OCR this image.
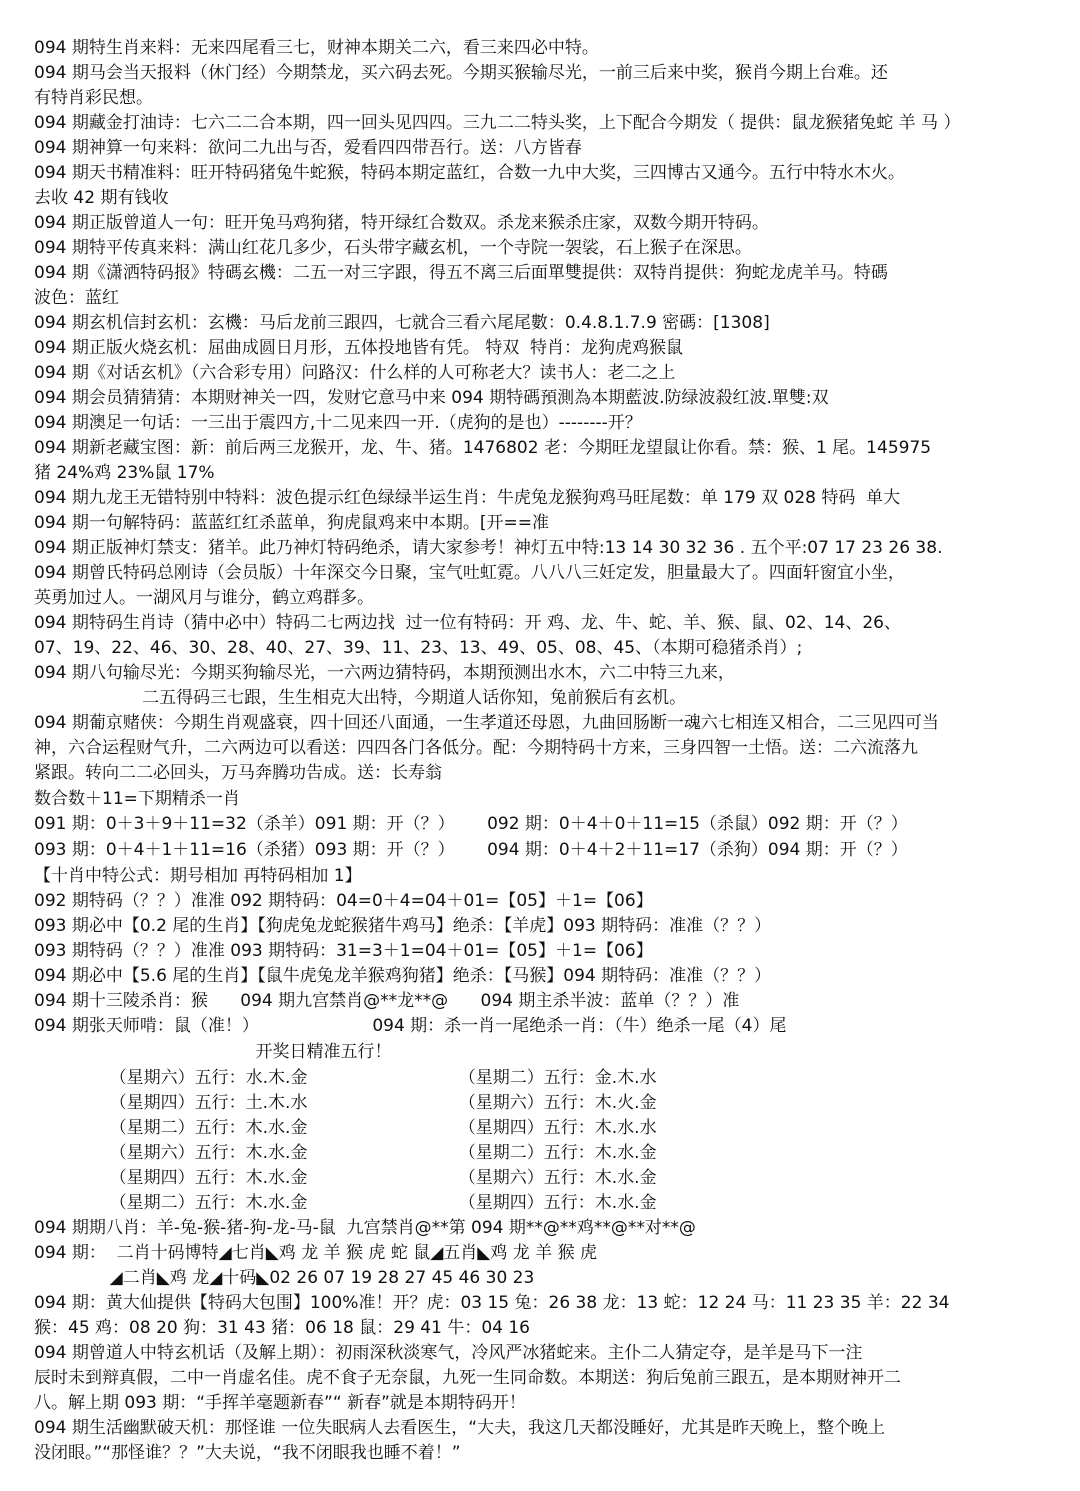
094 期特生肖来料：无来四尾看三七，财神本期关二六，看三来四必中特。
094 期马会当天报料（休门经）今期禁龙，买六码去死。今期买猴输尽光，一前三后来中奖，猴肖今期上台难。还
有特肖彩民想。
094 期藏金打油诗：七六二二合本期，四一回头见四四。三九二二特头奖，上下配合今期发（ 提供：鼠龙猴猪兔蛇 羊 马 ）
094 期神算一句来料：欲问二九出与否，爱看四四带吾行。送：八方皆春
094 期天书精准料：旺开特码猪兔牛蛇猴，特码本期定蓝红，合数一九中大奖，三四博古又通今。五行中特水木火。
去收 42 期有钱收
094 期正版曾道人一句：旺开兔马鸡狗猪，特开绿红合数双。杀龙来猴杀庄家，双数今期开特码。
094 期特平传真来料：满山红花几多少，石头带字藏玄机，一个寺院一袈裟，石上猴子在深思。
094 期《潇洒特码报》特碼玄機：二五一对三字跟，得五不离三后面單雙提供：双特肖提供：狗蛇龙虎羊马。特碼
波色：蓝红
094 期玄机信封玄机：玄機：马后龙前三跟四，七就合三看六尾尾數：0.4.8.1.7.9 密碼：[1308]
094 期正版火烧玄机：屈曲成圆日月形，五体投地皆有凭。 特双  特肖：龙狗虎鸡猴鼠
094 期《对话玄机》（六合彩专用）问路汉：什么样的人可称老大？读书人：老二之上
094 期会员猜猜猜：本期财神关一四，发财它意马中来 094 期特碼預測為本期藍波.防绿波殺红波.單雙:双
094 期澳足一句话：一三出于震四方,十二见来四一开.（虎狗的是也）--------开？
094 期新老藏宝图：新：前后两三龙猴开，龙、牛、猪。1476802 老：今期旺龙望鼠让你看。禁：猴、1 尾。145975
猪 24%鸡 23%鼠 17%
094 期九龙王无错特别中特料：波色提示红色绿绿半运生肖：牛虎兔龙猴狗鸡马旺尾数：单 179 双 028 特码  单大
094 期一句解特码：蓝蓝红红杀蓝单，狗虎鼠鸡来中本期。[开==准
094 期正版神灯禁支：猪羊。此乃神灯特码绝杀，请大家参考！神灯五中特:13 14 30 32 36 . 五个平:07 17 23 26 38.
094 期曾氏特码总刚诗（会员版）十年深交今日聚，宝气吐虹霓。八八八三妊定发，胆量最大了。四面轩窗宜小坐，
英勇加过人。一湖风月与谁分，鹤立鸡群多。
094 期特码生肖诗（猜中必中）特码二七两边找  过一位有特码：开 鸡、龙、牛、蛇、羊、猴、鼠、02、14、26、
07、19、22、46、30、28、40、27、39、11、23、13、49、05、08、45、（本期可稳猪杀肖）;
094 期八句输尽光：今期买狗输尽光，一六两边猜特码，本期预测出水木，六二中特三九来，
二五得码三七跟，生生相克大出特，今期道人话你知，兔前猴后有玄机。
094 期葡京赌侠：今期生肖观盛衰，四十回还八面通，一生孝道还母恩，九曲回肠断一魂六七相连又相合，二三见四可当
神，六合运程财气升，二六两边可以看送：四四各门各低分。配：今期特码十方来，三身四智一土悟。送：二六流落九
紧跟。转向二二必回头，万马奔腾功告成。送：长寿翁
数合数＋11=下期精杀一肖
091 期：0＋3＋9＋11=32（杀羊）091 期：开（？）      092 期：0＋4＋0＋11=15（杀鼠）092 期：开（？）
093 期：0＋4＋1＋11=16（杀猪）093 期：开（？）      094 期：0＋4＋2＋11=17（杀狗）094 期：开（？）
【十肖中特公式：期号相加 再特码相加 1】
092 期特码（？？）准准 092 期特码：04=0＋4=04＋01=【05】＋1=【06】
093 期必中【0.2 尾的生肖】【狗虎兔龙蛇猴猪牛鸡马】绝杀：【羊虎】093 期特码：准准（？？）
093 期特码（？？）准准 093 期特码：31=3＋1=04＋01=【05】＋1=【06】
094 期必中【5.6 尾的生肖】【鼠牛虎兔龙羊猴鸡狗猪】绝杀：【马猴】094 期特码：准准（？？）
094 期十三陵杀肖：猴      094 期九宫禁肖@**龙**@      094 期主杀半波：蓝单（？？）准
094 期张天师啃：鼠（准！）                     094 期：杀一肖一尾绝杀一肖：（牛）绝杀一尾（4）尾
开奖日精准五行！
（星期六）五行：水.木.金                            （星期二）五行：金.木.水
（星期四）五行：土.木.水                            （星期六）五行：木.火.金
（星期二）五行：木.水.金                            （星期四）五行：木.水.水
（星期六）五行：木.水.金                            （星期二）五行：木.水.金
（星期四）五行：木.水.金                            （星期六）五行：木.水.金
（星期二）五行：木.水.金                            （星期四）五行：木.水.金
094 期期八肖：羊-兔-猴-猪-狗-龙-马-鼠  九宫禁肖@**第 094 期**@**鸡**@**对**@
094 期：  二肖十码博特◢七肖◣鸡 龙 羊 猴 虎 蛇 鼠◢五肖◣鸡 龙 羊 猴 虎
◢二肖◣鸡 龙◢十码◣02 26 07 19 28 27 45 46 30 23
094 期：黄大仙提供【特码大包围】100%准！开？虎：03 15 兔：26 38 龙：13 蛇：12 24 马：11 23 35 羊：22 34
猴：45 鸡：08 20 狗：31 43 猪：06 18 鼠：29 41 牛：04 16
094 期曾道人中特玄机话（及解上期）：初雨深秋淡寒气，冷风严冰猪蛇来。主仆二人猜定夺，是羊是马下一注
辰时未到辩真假，二中一肖虚名佳。虎不食子无奈鼠，九死一生同命数。本期送：狗后兔前三跟五，是本期财神开二
八。解上期 093 期：“手挥羊毫题新春”“ 新春”就是本期特码开！
094 期生活幽默破天机：那怪谁 一位失眠病人去看医生，“大夫，我这几天都没睡好，尤其是昨天晚上，整个晚上
没闭眼。”“那怪谁？？”大夫说，“我不闭眼我也睡不着！”
